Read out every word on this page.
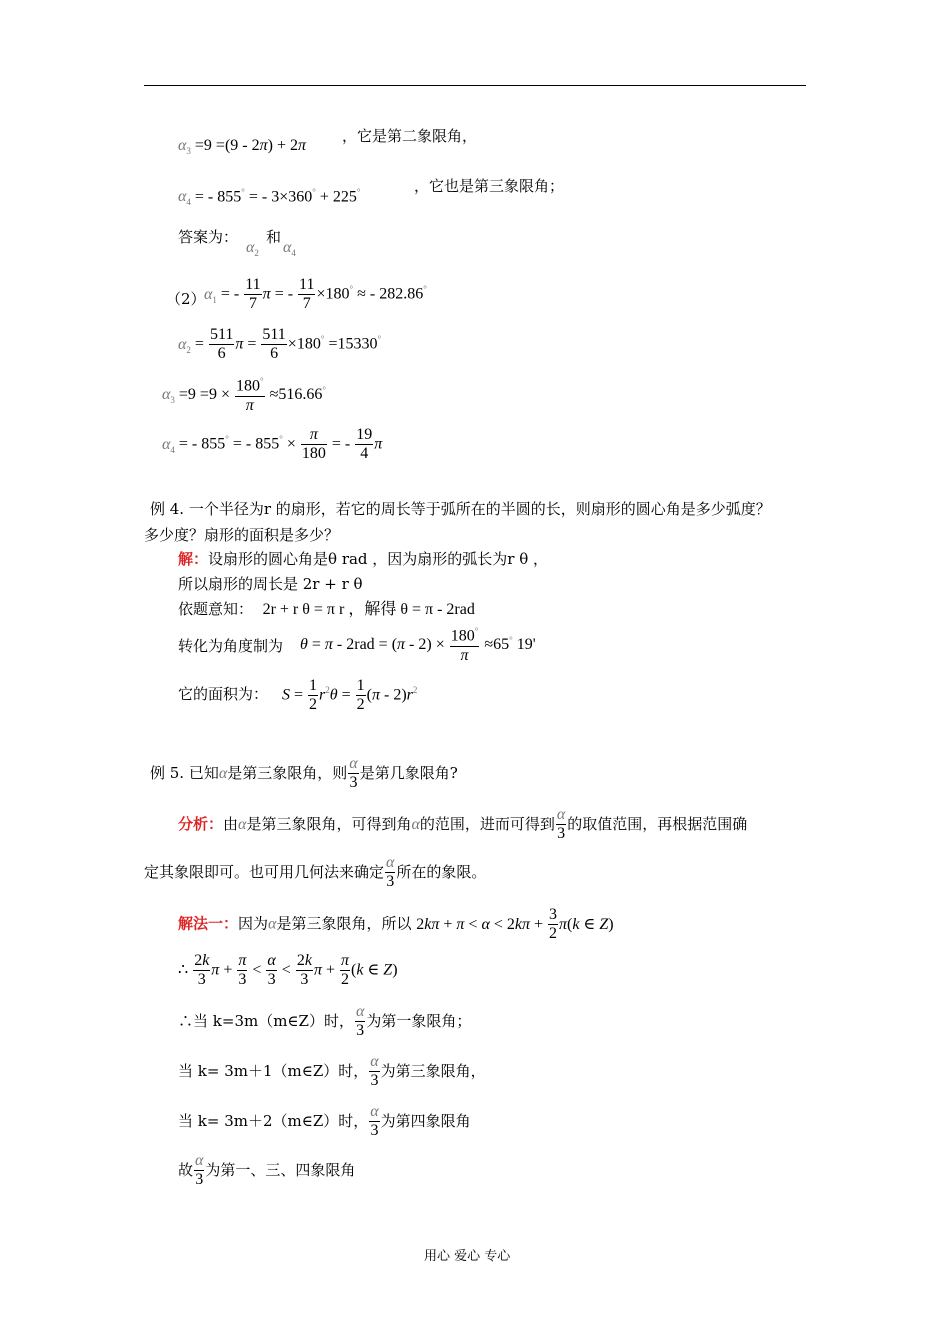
$\alpha_3 =9 =(9 - 2\pi) + 2\pi$
，它是第二象限角，
$\alpha_4$ = - 855° = - 3×360° + 225°	，它也是第三象限角；
答案为：
$\alpha_2$
和
$\alpha_4$
（2）
$\alpha_1$ = - $\frac{11}{7}$ π = - $\frac{11}{7} \times 180^\circ$ ≈ - 282.86°
$\alpha_2 = \frac{511}{6}$ $\pi = \frac{511}{6} \times 180^\circ =15330^\circ$
$\alpha_3 =9 =9 \times \frac{180^\circ}{\pi} \approx 516.66^\circ$
$\alpha_4$ = - 855° = - $855^\circ \times \frac{\pi}{180}$ = - $\frac{19}{4}$ π
例 4. 一个半径为r 的扇形，若它的周长等于弧所在的半圆的长，则扇形的圆心角是多少弧度？
多少度？扇形的面积是多少？
解：设扇形的圆心角是θ rad ，因为扇形的弧长为r θ ，
所以扇形的周长是 2r + r θ
依题意知： 2r + r θ = π r ，解得 θ = π - 2rad
转化为角度制为 $\theta = \pi - 2rad = (\pi - 2) \times \frac{180^\circ}{\pi} \approx 65^\circ$ 19'
它的面积为： $S = \frac{1}{2} r^2\theta = \frac{1}{2} (\pi - 2)r^2$
例 5. 已知α是第三象限角，则 $\frac{\alpha}{3}$ 是第几象限角?
分析：由α是第三象限角，可得到角α的范围，进而可得到 $\frac{\alpha}{3}$ 的取值范围，再根据范围确
定其象限即可。也可用几何法来确定 $\frac{\alpha}{3}$ 所在的象限。
解法一：因为α是第三象限角，所以 $2k\pi + \pi < \alpha < 2k\pi + \frac{3}{2} \pi(k$ ∈ Z)
∴ $\frac{2k}{3}$ $\pi + \frac{\pi}{3} < \frac{\alpha}{3} < \frac{2k}{3}$ $\pi + \frac{\pi}{2} (k$ ∈ Z)
∴当 k=3m（m∈Z）时， $\frac{\alpha}{3}$ 为第一象限角；
当 k= 3m＋1（m∈Z）时， $\frac{\alpha}{3}$ 为第三象限角，
当 k= 3m＋2（m∈Z）时， $\frac{\alpha}{3}$ 为第四象限角
故 $\frac{\alpha}{3}$ 为第一、三、四象限角
用心 爱心 专心
